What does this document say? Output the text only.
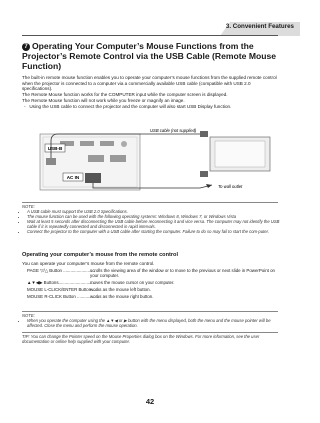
3. Convenient Features
7 Operating Your Computer’s Mouse Functions from the Projector’s Remote Control via the USB Cable (Remote Mouse Function)
The built-in remote mouse function enables you to operate your computer’s mouse functions from the supplied remote control when the projector is connected to a computer via a commercially available USB cable (compatible with USB 2.0 specifications).
The Remote Mouse function works for the COMPUTER input while the computer screen is displayed.
The Remote Mouse function will not work while you freeze or magnify an image.
-   Using the USB cable to connect the projector and the computer will also start USB Display function.
USB-B
AC IN
USB cable (not supplied)
To wall outlet
NOTE:
• A USB cable must support the USB 2.0 Specifications.
• The mouse function can be used with the following operating systems: Windows 8, Windows 7, or Windows Vista
• Wait at least 5 seconds after disconnecting the USB cable before reconnecting it and vice versa. The computer may not identify the USB cable if it is repeatedly connected and disconnected in rapid intervals.
• Connect the projector to the computer with a USB cable after starting the computer. Failure to do so may fail to start the com-puter.
Operating your computer’s mouse from the remote control
You can operate your computer’s mouse from the remote control.
PAGE ▽/△ Button ..........................scrolls the viewing area of the window or to move to the previous or next slide in PowerPoint on your computer.
▲▼◀▶ Buttons..............................moves the mouse cursor on your computer.
MOUSE L-CLICK/ENTER Button ......works as the mouse left button.
MOUSE R-CLICK Button ..................works as the mouse right button.
NOTE:
• When you operate the computer using the ▲▼◀ or ▶ button with the menu displayed, both the menu and the mouse pointer will be affected. Close the menu and perform the mouse operation.
TIP: You can change the Pointer speed on the Mouse Properties dialog box on the Windows. For more information, see the user documentation or online help supplied with your computer.
42
